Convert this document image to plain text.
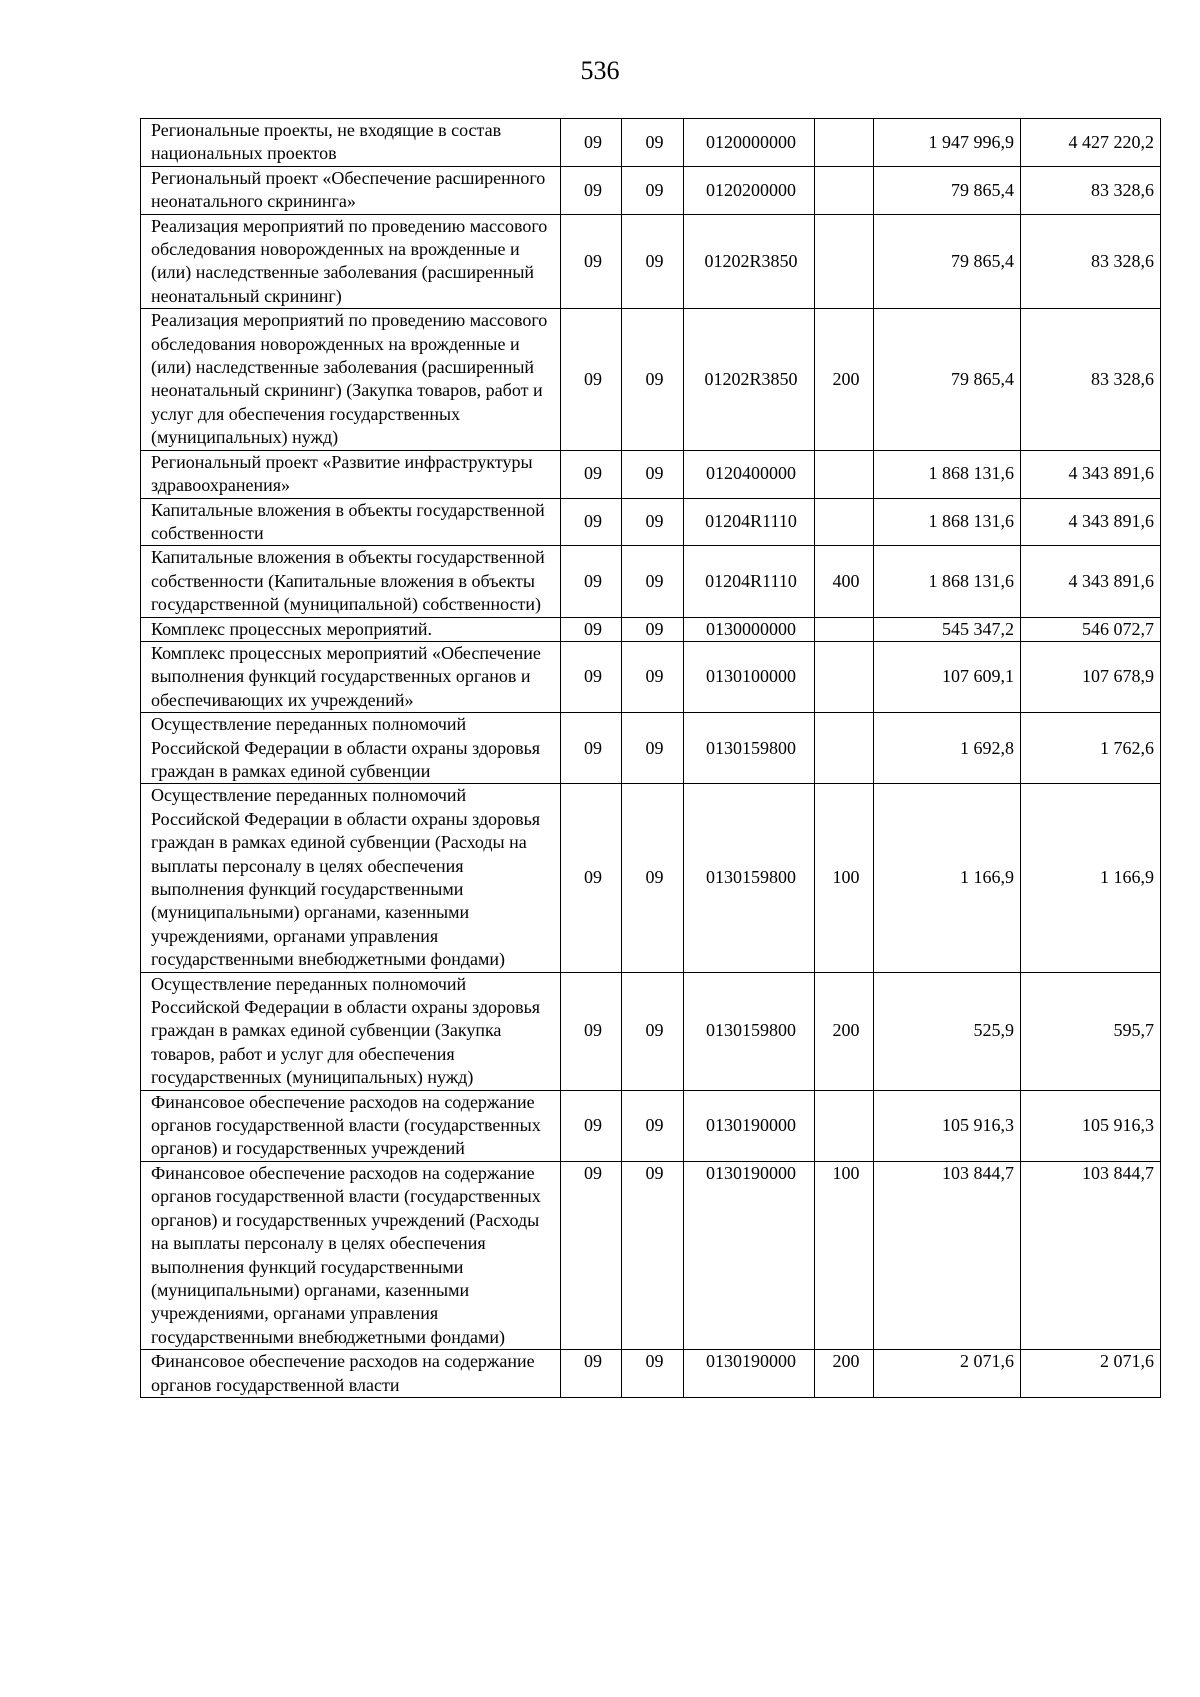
536
Региональные проекты, не входящие в состав национальных проектов	09	09	0120000000		1 947 996,9	4 427 220,2
Региональный проект «Обеспечение расширенного неонатального скрининга»	09	09	0120200000		79 865,4	83 328,6
Реализация мероприятий по проведению массового обследования новорожденных на врожденные и (или) наследственные заболевания (расширенный неонатальный скрининг)	09	09	01202R3850		79 865,4	83 328,6
Реализация мероприятий по проведению массового обследования новорожденных на врожденные и (или) наследственные заболевания (расширенный неонатальный скрининг) (Закупка товаров, работ и услуг для обеспечения государственных (муниципальных) нужд)	09	09	01202R3850	200	79 865,4	83 328,6
Региональный проект «Развитие инфраструктуры здравоохранения»	09	09	0120400000		1 868 131,6	4 343 891,6
Капитальные вложения в объекты государственной собственности	09	09	01204R1110		1 868 131,6	4 343 891,6
Капитальные вложения в объекты государственной собственности (Капитальные вложения в объекты государственной (муниципальной) собственности)	09	09	01204R1110	400	1 868 131,6	4 343 891,6
Комплекс процессных мероприятий.	09	09	0130000000		545 347,2	546 072,7
Комплекс процессных мероприятий «Обеспечение выполнения функций государственных органов и обеспечивающих их учреждений»	09	09	0130100000		107 609,1	107 678,9
Осуществление переданных полномочий Российской Федерации в области охраны здоровья граждан в рамках единой субвенции	09	09	0130159800		1 692,8	1 762,6
Осуществление переданных полномочий Российской Федерации в области охраны здоровья граждан в рамках единой субвенции (Расходы на выплаты персоналу в целях обеспечения выполнения функций государственными (муниципальными) органами, казенными учреждениями, органами управления государственными внебюджетными фондами)	09	09	0130159800	100	1 166,9	1 166,9
Осуществление переданных полномочий Российской Федерации в области охраны здоровья граждан в рамках единой субвенции (Закупка товаров, работ и услуг для обеспечения государственных (муниципальных) нужд)	09	09	0130159800	200	525,9	595,7
Финансовое обеспечение расходов на содержание органов государственной власти (государственных органов) и государственных учреждений	09	09	0130190000		105 916,3	105 916,3
Финансовое обеспечение расходов на содержание органов государственной власти (государственных органов) и государственных учреждений (Расходы на выплаты персоналу в целях обеспечения выполнения функций государственными (муниципальными) органами, казенными учреждениями, органами управления государственными внебюджетными фондами)	09	09	0130190000	100	103 844,7	103 844,7
Финансовое обеспечение расходов на содержание органов государственной власти	09	09	0130190000	200	2 071,6	2 071,6
